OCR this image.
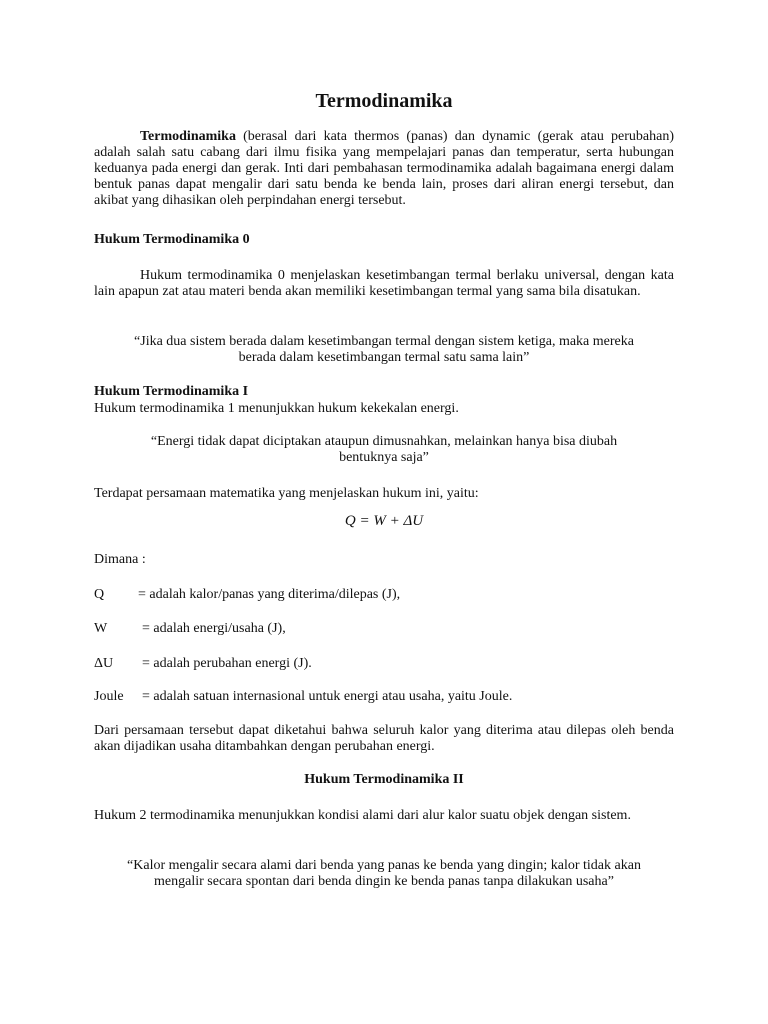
Termodinamika

Termodinamika (berasal dari kata thermos (panas) dan dynamic (gerak atau perubahan) adalah salah satu cabang dari ilmu fisika yang mempelajari panas dan temperatur, serta hubungan keduanya pada energi dan gerak. Inti dari pembahasan termodinamika adalah bagaimana energi dalam bentuk panas dapat mengalir dari satu benda ke benda lain, proses dari aliran energi tersebut, dan akibat yang dihasikan oleh perpindahan energi tersebut.

Hukum Termodinamika 0

Hukum termodinamika 0 menjelaskan kesetimbangan termal berlaku universal, dengan kata lain apapun zat atau materi benda akan memiliki kesetimbangan termal yang sama bila disatukan.

“Jika dua sistem berada dalam kesetimbangan termal dengan sistem ketiga, maka mereka
berada dalam kesetimbangan termal satu sama lain”

Hukum Termodinamika I

Hukum termodinamika 1 menunjukkan hukum kekekalan energi.

“Energi tidak dapat diciptakan ataupun dimusnahkan, melainkan hanya bisa diubah
bentuknya saja”

Terdapat persamaan matematika yang menjelaskan hukum ini, yaitu:

Q = W + ΔU

Dimana :

Q = adalah kalor/panas yang diterima/dilepas (J),

W = adalah energi/usaha (J),

ΔU = adalah perubahan energi (J).

Joule = adalah satuan internasional untuk energi atau usaha, yaitu Joule.

Dari persamaan tersebut dapat diketahui bahwa seluruh kalor yang diterima atau dilepas oleh benda akan dijadikan usaha ditambahkan dengan perubahan energi.

Hukum Termodinamika II

Hukum 2 termodinamika menunjukkan kondisi alami dari alur kalor suatu objek dengan sistem.

“Kalor mengalir secara alami dari benda yang panas ke benda yang dingin; kalor tidak akan
mengalir secara spontan dari benda dingin ke benda panas tanpa dilakukan usaha”
